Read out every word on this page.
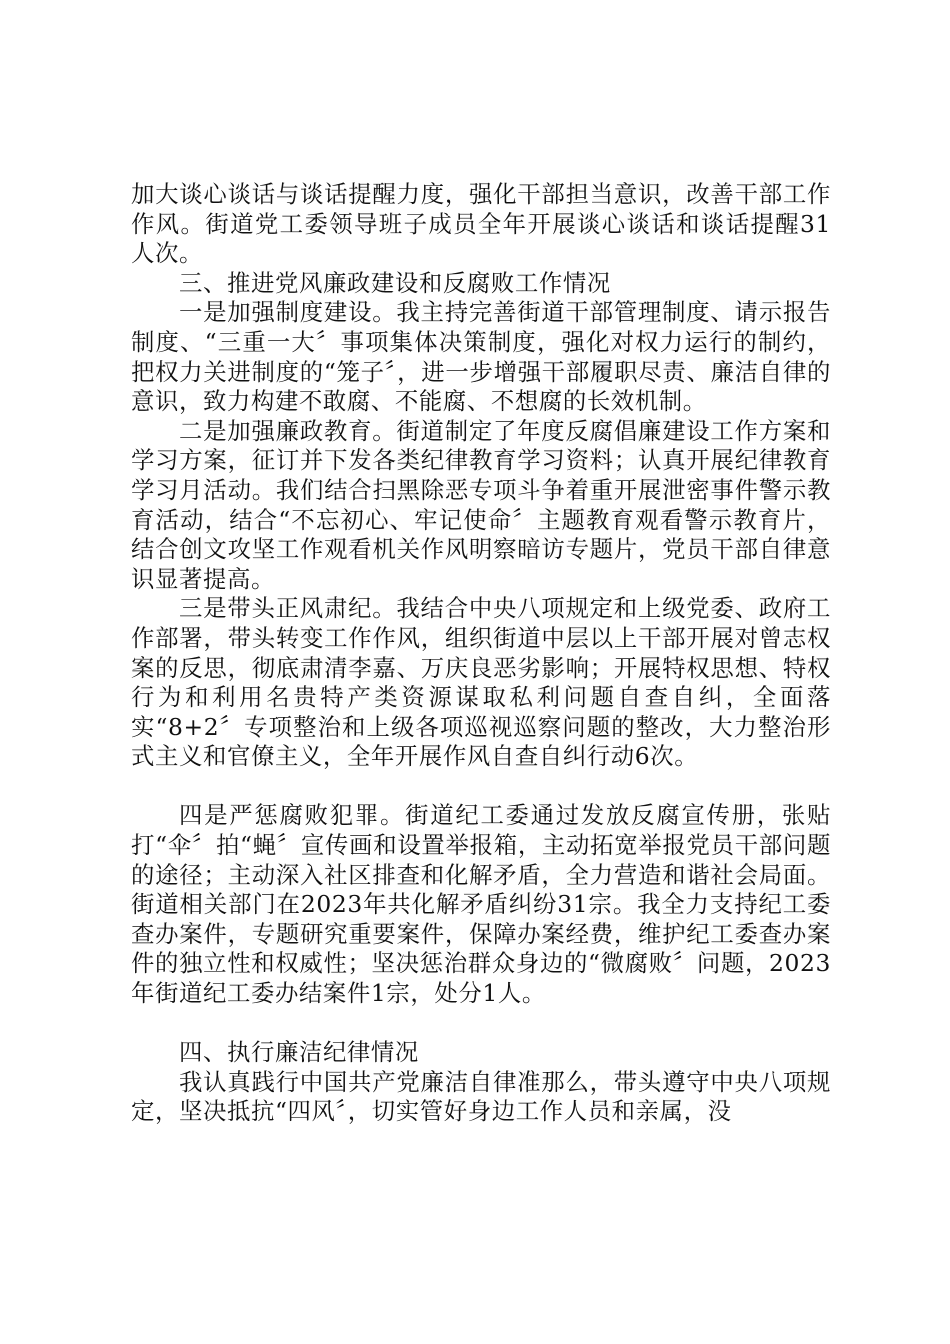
加大谈心谈话与谈话提醒力度，强化干部担当意识，改善干部工作作风。街道党工委领导班子成员全年开展谈心谈话和谈话提醒31人次。

三、推进党风廉政建设和反腐败工作情况

一是加强制度建设。我主持完善街道干部管理制度、请示报告制度、“三重一大〞事项集体决策制度，强化对权力运行的制约，把权力关进制度的“笼子〞，进一步增强干部履职尽责、廉洁自律的意识，致力构建不敢腐、不能腐、不想腐的长效机制。

二是加强廉政教育。街道制定了年度反腐倡廉建设工作方案和学习方案，征订并下发各类纪律教育学习资料；认真开展纪律教育学习月活动。我们结合扫黑除恶专项斗争着重开展泄密事件警示教育活动，结合“不忘初心、牢记使命〞主题教育观看警示教育片，结合创文攻坚工作观看机关作风明察暗访专题片，党员干部自律意识显著提高。

三是带头正风肃纪。我结合中央八项规定和上级党委、政府工作部署，带头转变工作作风，组织街道中层以上干部开展对曾志权案的反思，彻底肃清李嘉、万庆良恶劣影响；开展特权思想、特权行为和利用名贵特产类资源谋取私利问题自查自纠，全面落实“8+2〞专项整治和上级各项巡视巡察问题的整改，大力整治形式主义和官僚主义，全年开展作风自查自纠行动6次。

四是严惩腐败犯罪。街道纪工委通过发放反腐宣传册，张贴打“伞〞拍“蝇〞宣传画和设置举报箱，主动拓宽举报党员干部问题的途径；主动深入社区排查和化解矛盾，全力营造和谐社会局面。街道相关部门在2023年共化解矛盾纠纷31宗。我全力支持纪工委查办案件，专题研究重要案件，保障办案经费，维护纪工委查办案件的独立性和权威性；坚决惩治群众身边的“微腐败〞问题，2023年街道纪工委办结案件1宗，处分1人。

四、执行廉洁纪律情况

我认真践行中国共产党廉洁自律准那么，带头遵守中央八项规定，坚决抵抗“四风〞，切实管好身边工作人员和亲属，没
